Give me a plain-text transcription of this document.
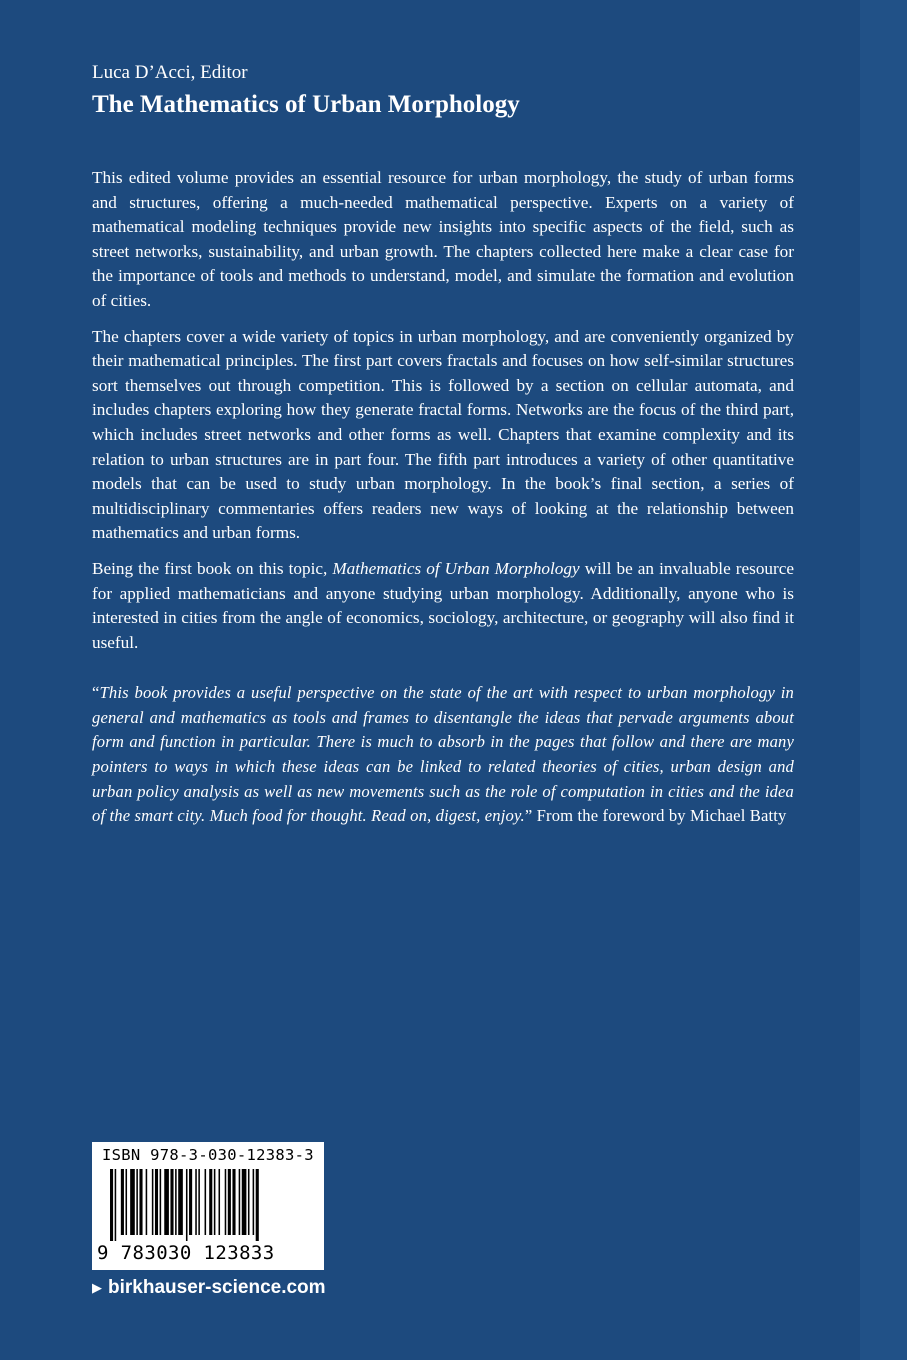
Luca D’Acci, Editor
The Mathematics of Urban Morphology

This edited volume provides an essential resource for urban morphology, the study of urban forms and structures, offering a much-needed mathematical perspective. Experts on a variety of mathematical modeling techniques provide new insights into specific aspects of the field, such as street networks, sustainability, and urban growth. The chapters collected here make a clear case for the importance of tools and methods to understand, model, and simulate the formation and evolution of cities.

The chapters cover a wide variety of topics in urban morphology, and are conveniently organized by their mathematical principles. The first part covers fractals and focuses on how self-similar structures sort themselves out through competition. This is followed by a section on cellular automata, and includes chapters exploring how they generate fractal forms. Networks are the focus of the third part, which includes street networks and other forms as well. Chapters that examine complexity and its relation to urban structures are in part four. The fifth part introduces a variety of other quantitative models that can be used to study urban morphology. In the book’s final section, a series of multidisciplinary commentaries offers readers new ways of looking at the relationship between mathematics and urban forms.

Being the first book on this topic, Mathematics of Urban Morphology will be an invaluable resource for applied mathematicians and anyone studying urban morphology. Additionally, anyone who is interested in cities from the angle of economics, sociology, architecture, or geography will also find it useful.

“This book provides a useful perspective on the state of the art with respect to urban morphology in general and mathematics as tools and frames to disentangle the ideas that pervade arguments about form and function in particular. There is much to absorb in the pages that follow and there are many pointers to ways in which these ideas can be linked to related theories of cities, urban design and urban policy analysis as well as new movements such as the role of computation in cities and the idea of the smart city. Much food for thought. Read on, digest, enjoy.” From the foreword by Michael Batty

ISBN 978-3-030-12383-3

9 783030 123833

▶ birkhauser-science.com
